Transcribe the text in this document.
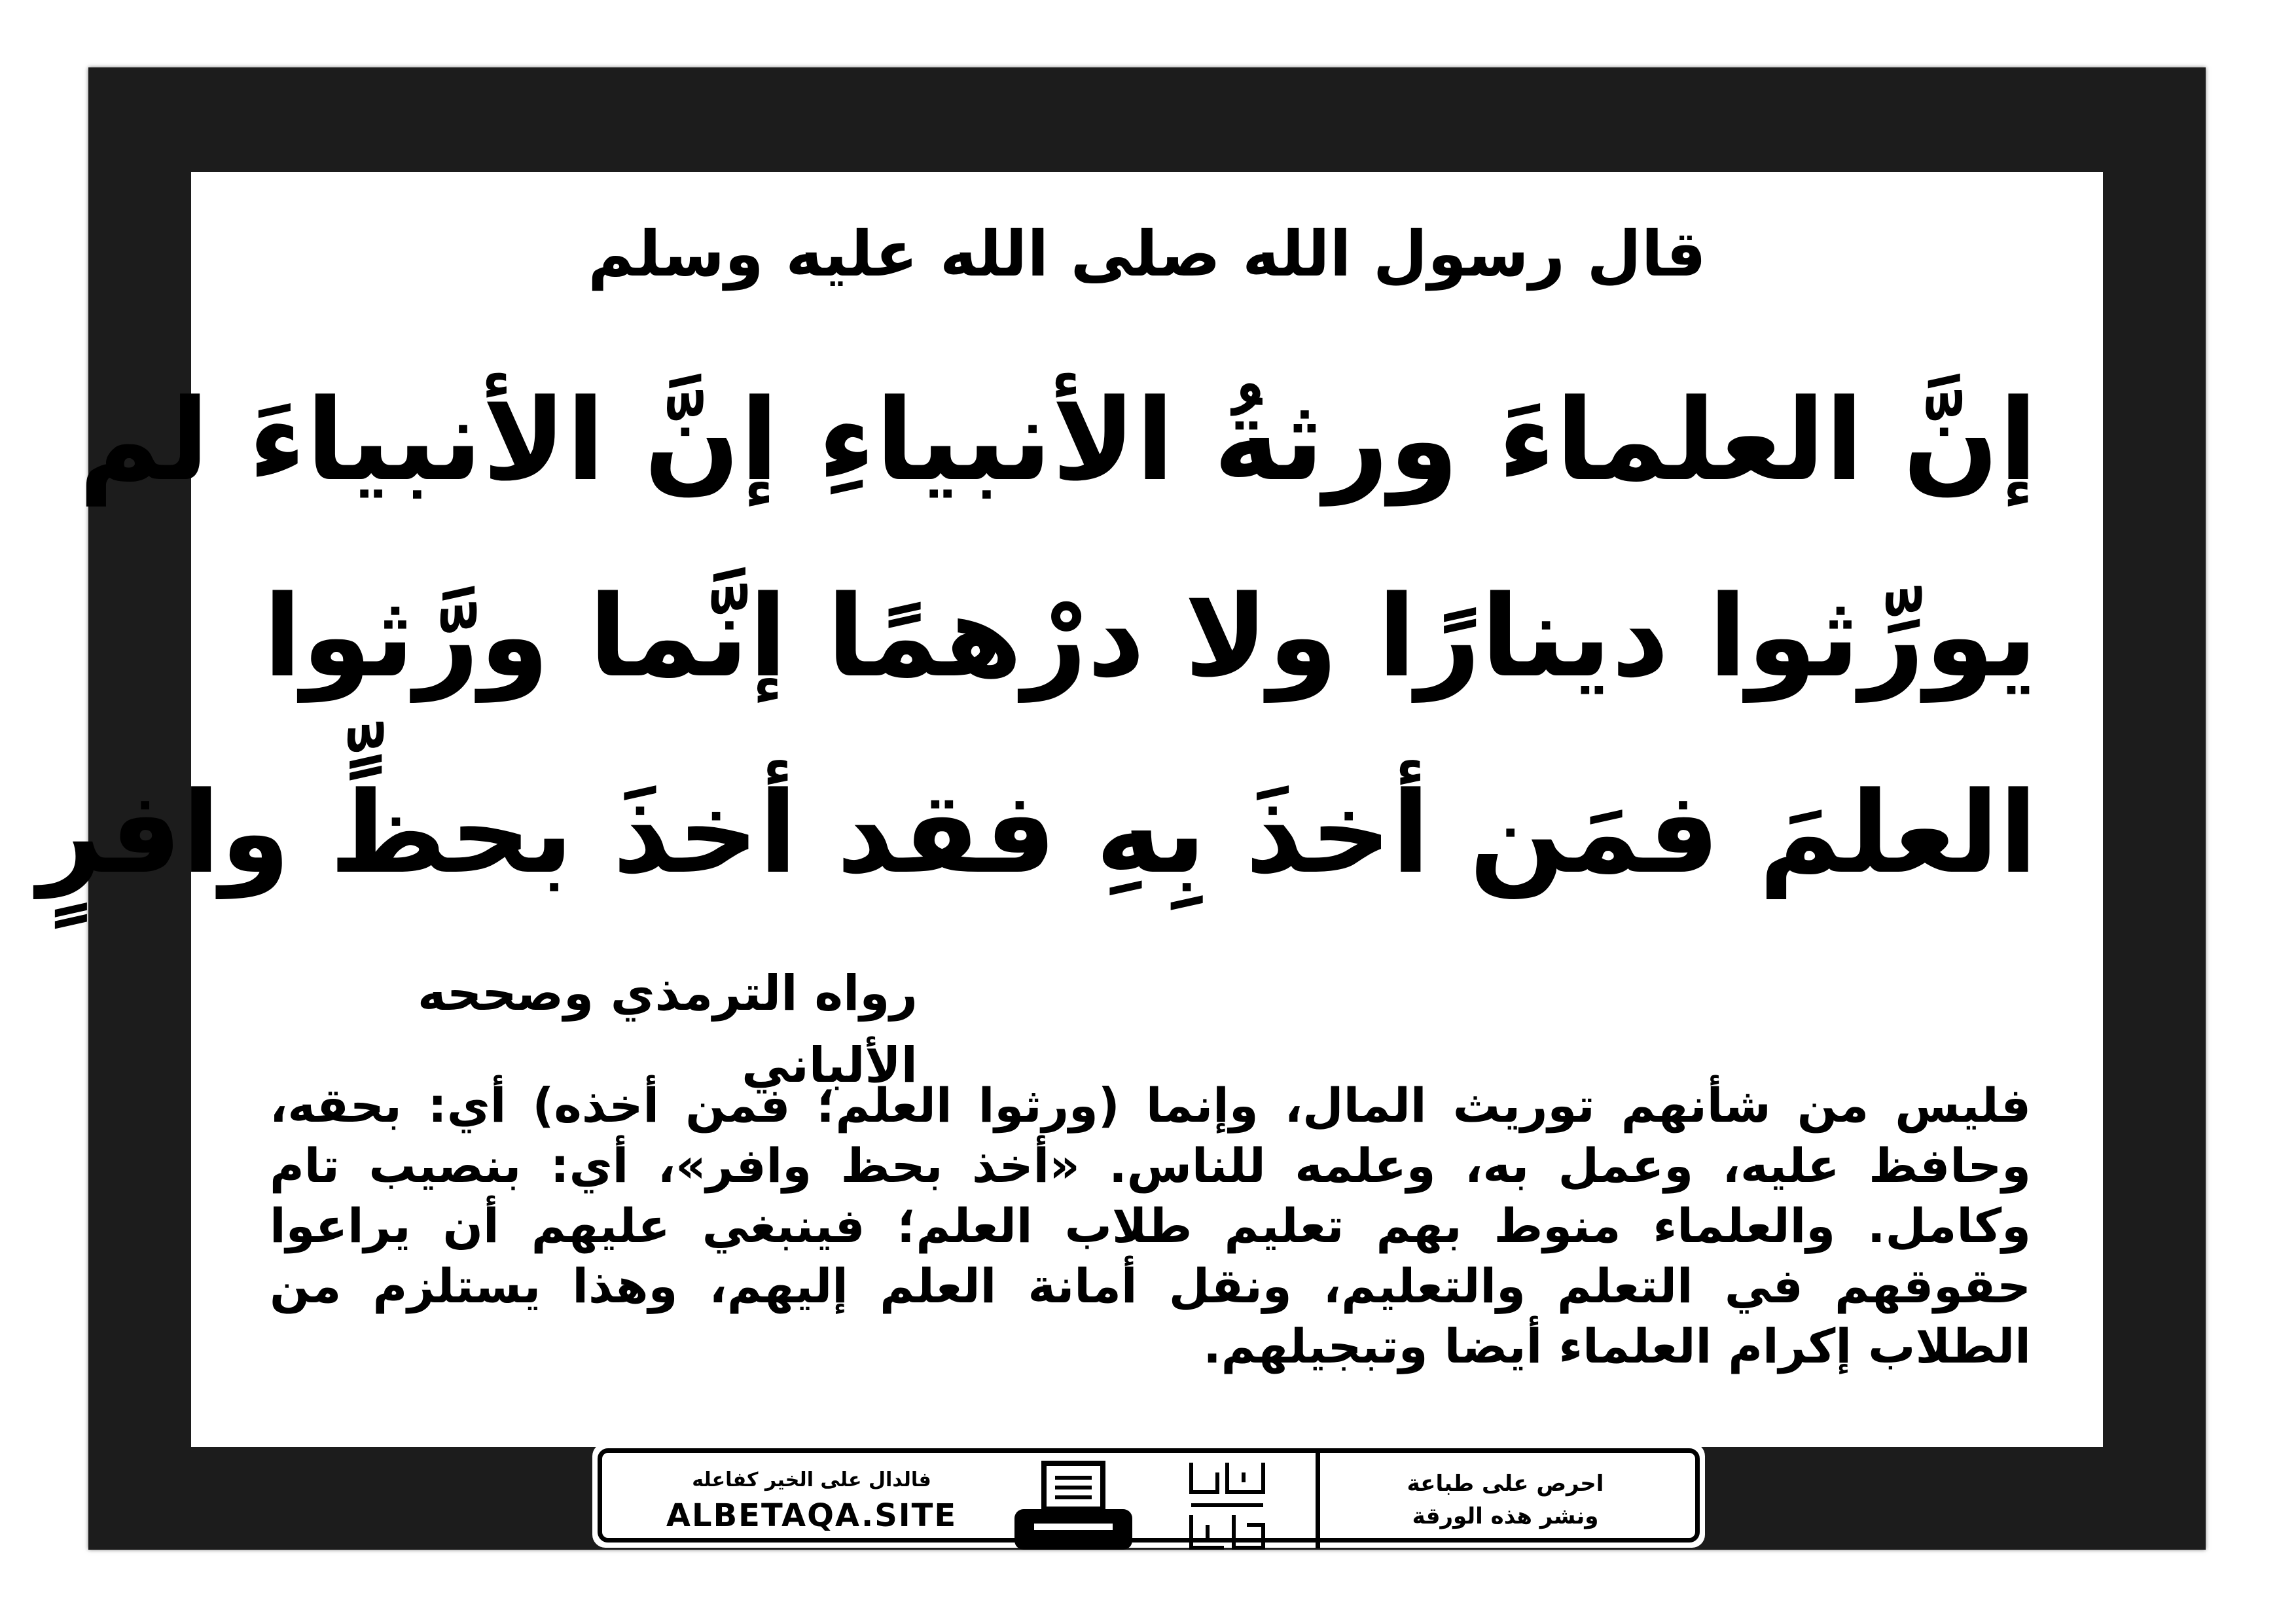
قال رسول الله صلى الله عليه وسلم
إنَّ العلماءَ ورثةُ الأنبياءِ إنَّ الأنبياءَ لم
يورِّثوا دينارًا ولا درْهمًا إنَّما ورَّثوا
العلمَ فمَن أخذَ بِهِ فقد أخذَ بحظٍّ وافرٍ
رواه الترمذي وصححه الألباني
فليس من شأنهم توريث المال، وإنما (ورثوا العلم؛ فمن أخذه) أي: بحقه، وحافظ عليه، وعمل به، وعلمه للناس. «أخذ بحظ وافر»، أي: بنصيب تام وكامل. والعلماء منوط بهم تعليم طلاب العلم؛ فينبغي عليهم أن يراعوا حقوقهم في التعلم والتعليم، ونقل أمانة العلم إليهم، وهذا يستلزم من الطلاب إكرام العلماء أيضا وتبجيلهم.
فالدال على الخير كفاعله
ALBETAQA.SITE
احرص على طباعة
ونشر هذه الورقة
